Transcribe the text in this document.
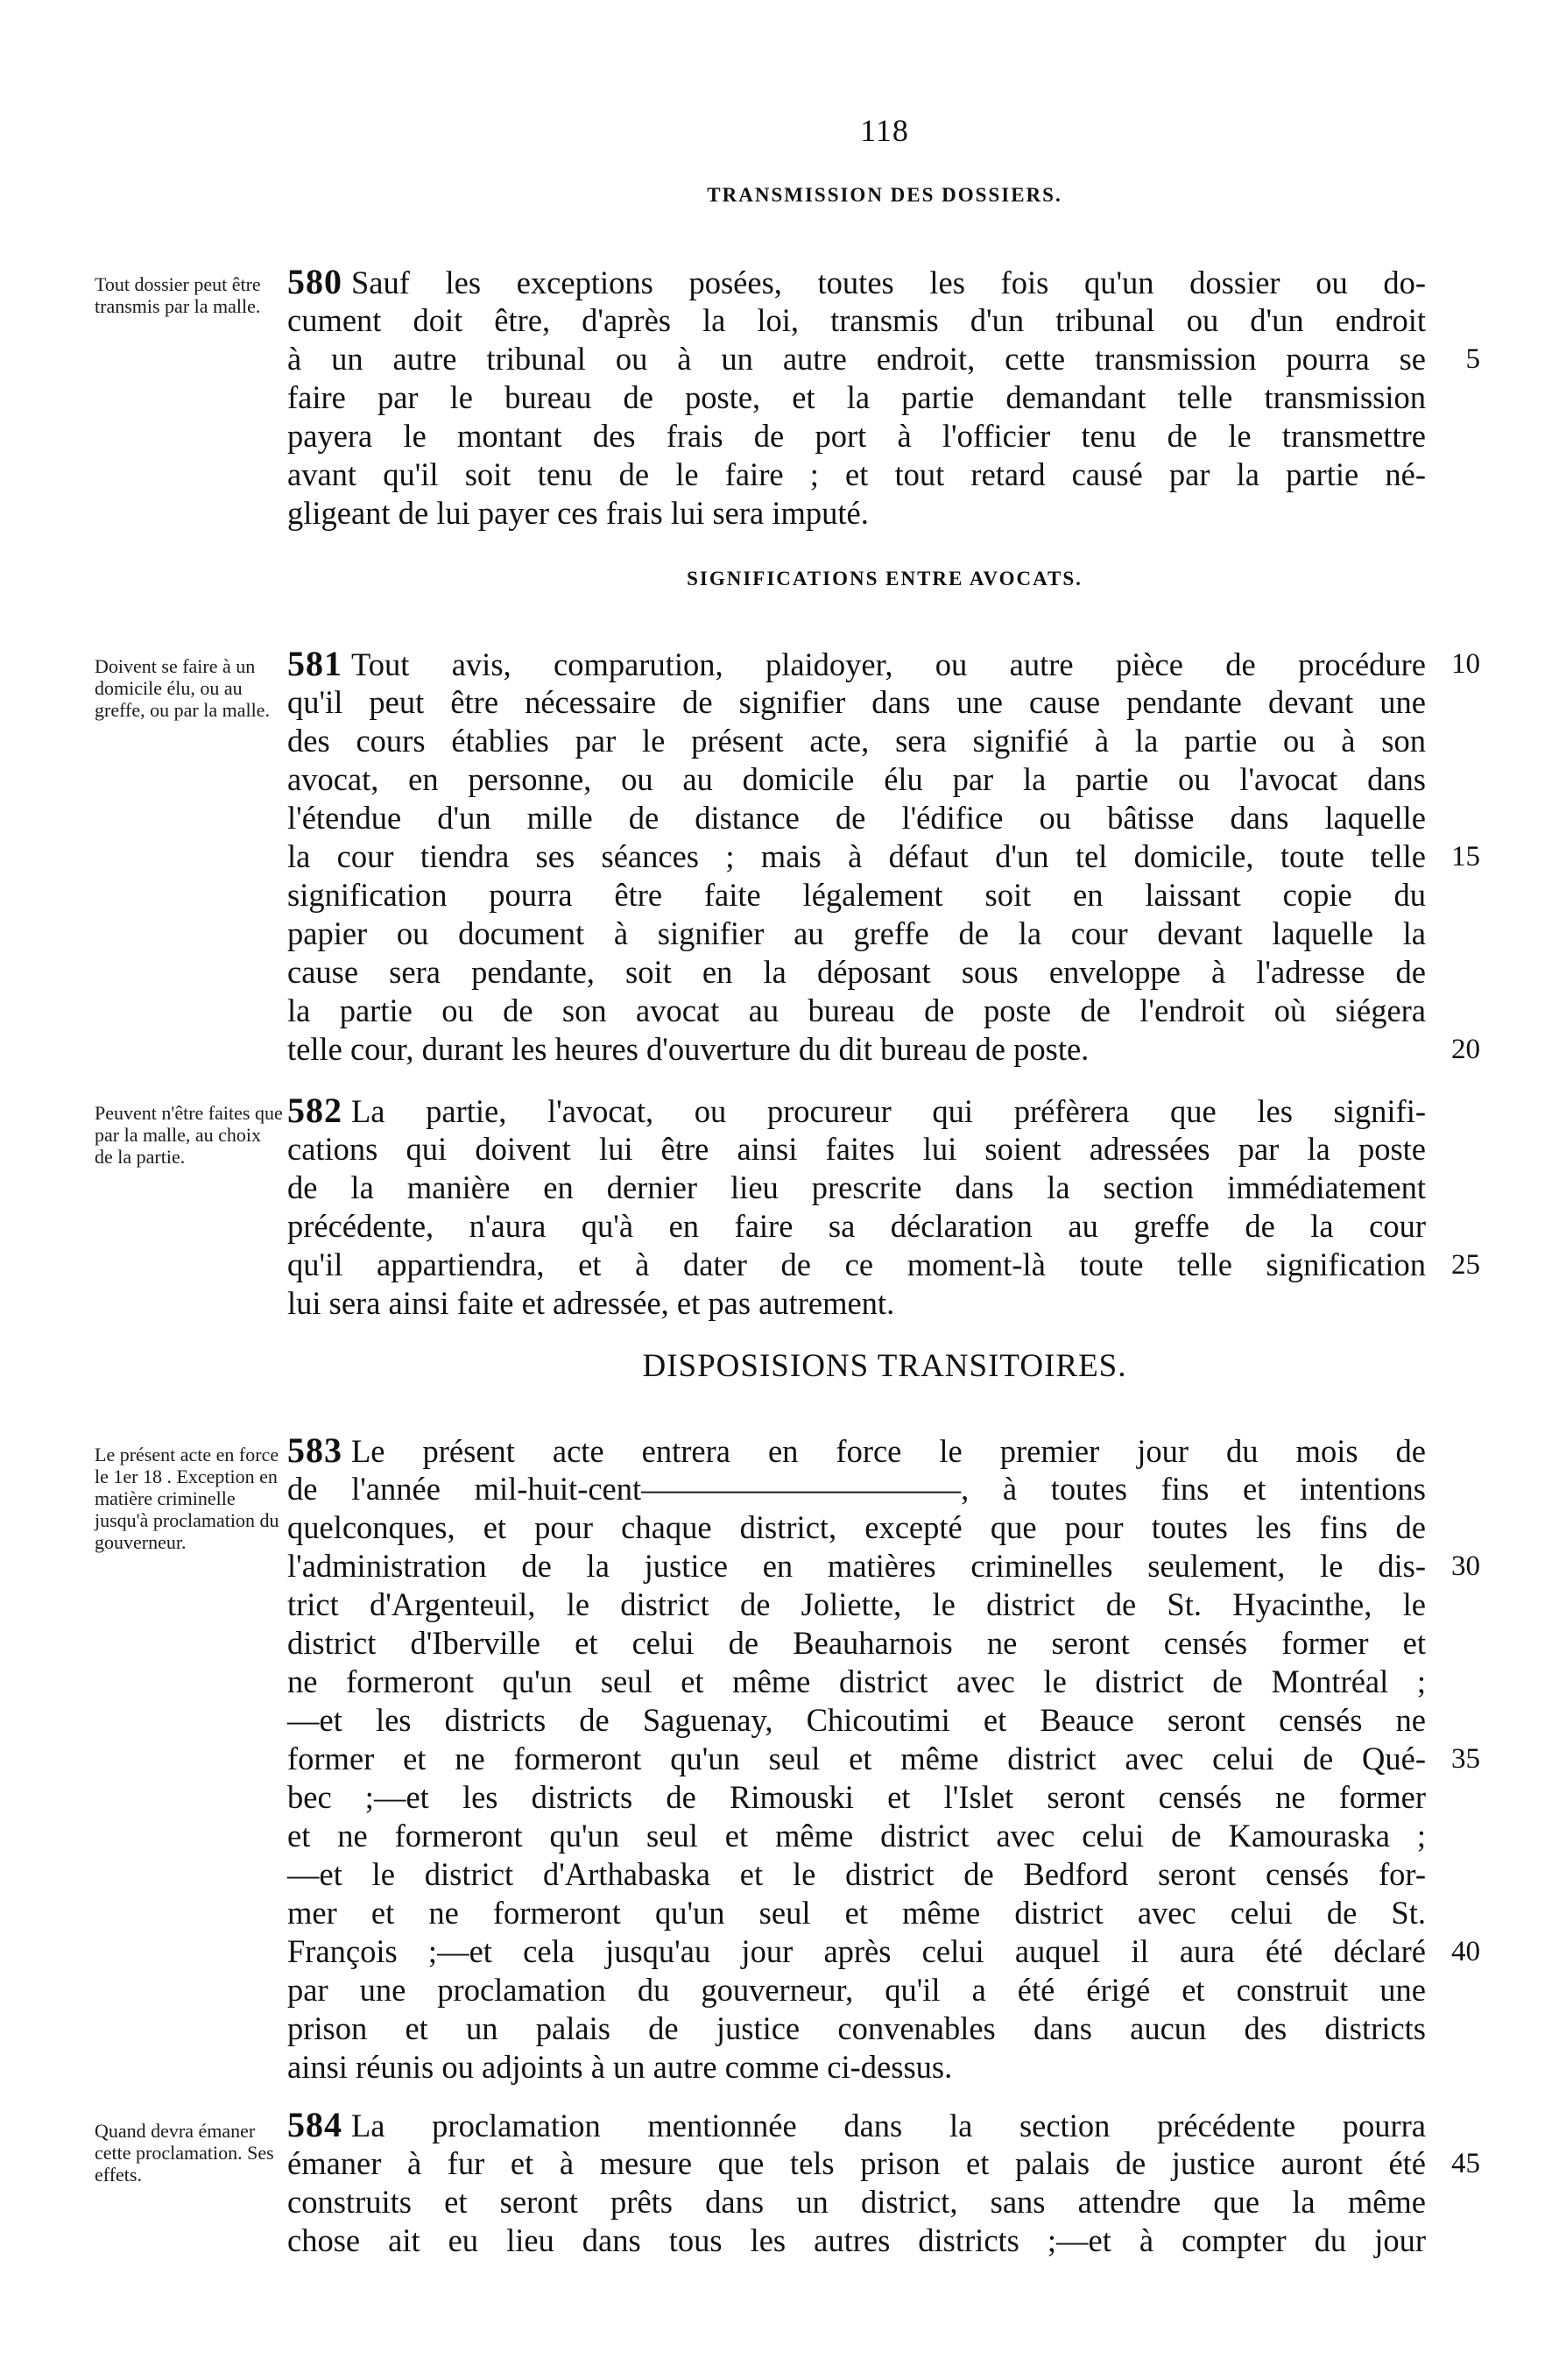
118
TRANSMISSION DES DOSSIERS.
SIGNIFICATIONS ENTRE AVOCATS.
DISPOSISIONS TRANSITOIRES.
Tout dossier peut être transmis par la malle.
580 Sauf les exceptions posées, toutes les fois qu'un dossier ou do-
cument doit être, d'après la loi, transmis d'un tribunal ou d'un endroit
à un autre tribunal ou à un autre endroit, cette transmission pourra se
faire par le bureau de poste, et la partie demandant telle transmission
payera le montant des frais de port à l'officier tenu de le transmettre
avant qu'il soit tenu de le faire ; et tout retard causé par la partie né-
gligeant de lui payer ces frais lui sera imputé.
Doivent se faire à un domicile élu, ou au greffe, ou par la malle.
581 Tout avis, comparution, plaidoyer, ou autre pièce de procédure
qu'il peut être nécessaire de signifier dans une cause pendante devant une
des cours établies par le présent acte, sera signifié à la partie ou à son
avocat, en personne, ou au domicile élu par la partie ou l'avocat dans
l'étendue d'un mille de distance de l'édifice ou bâtisse dans laquelle
la cour tiendra ses séances ; mais à défaut d'un tel domicile, toute telle
signification pourra être faite légalement soit en laissant copie du
papier ou document à signifier au greffe de la cour devant laquelle la
cause sera pendante, soit en la déposant sous enveloppe à l'adresse de
la partie ou de son avocat au bureau de poste de l'endroit où siégera
telle cour, durant les heures d'ouverture du dit bureau de poste.
Peuvent n'être faites que par la malle, au choix de la partie.
582 La partie, l'avocat, ou procureur qui préfèrera que les signifi-
cations qui doivent lui être ainsi faites lui soient adressées par la poste
de la manière en dernier lieu prescrite dans la section immédiatement
précédente, n'aura qu'à en faire sa déclaration au greffe de la cour
qu'il appartiendra, et à dater de ce moment-là toute telle signification
lui sera ainsi faite et adressée, et pas autrement.
Le présent acte en force le 1er 18 . Exception en matière criminelle jusqu'à proclamation du gouverneur.
583 Le présent acte entrera en force le premier jour du mois de
de l'année mil-huit-cent——————————, à toutes fins et intentions
quelconques, et pour chaque district, excepté que pour toutes les fins de
l'administration de la justice en matières criminelles seulement, le dis-
trict d'Argenteuil, le district de Joliette, le district de St. Hyacinthe, le
district d'Iberville et celui de Beauharnois ne seront censés former et
ne formeront qu'un seul et même district avec le district de Montréal ;
—et les districts de Saguenay, Chicoutimi et Beauce seront censés ne
former et ne formeront qu'un seul et même district avec celui de Qué-
bec ;—et les districts de Rimouski et l'Islet seront censés ne former
et ne formeront qu'un seul et même district avec celui de Kamouraska ;
—et le district d'Arthabaska et le district de Bedford seront censés for-
mer et ne formeront qu'un seul et même district avec celui de St.
François ;—et cela jusqu'au jour après celui auquel il aura été déclaré
par une proclamation du gouverneur, qu'il a été érigé et construit une
prison et un palais de justice convenables dans aucun des districts
ainsi réunis ou adjoints à un autre comme ci-dessus.
Quand devra émaner cette proclamation. Ses effets.
584 La proclamation mentionnée dans la section précédente pourra
émaner à fur et à mesure que tels prison et palais de justice auront été
construits et seront prêts dans un district, sans attendre que la même
chose ait eu lieu dans tous les autres districts ;—et à compter du jour
5
10
15
20
25
30
35
40
45
